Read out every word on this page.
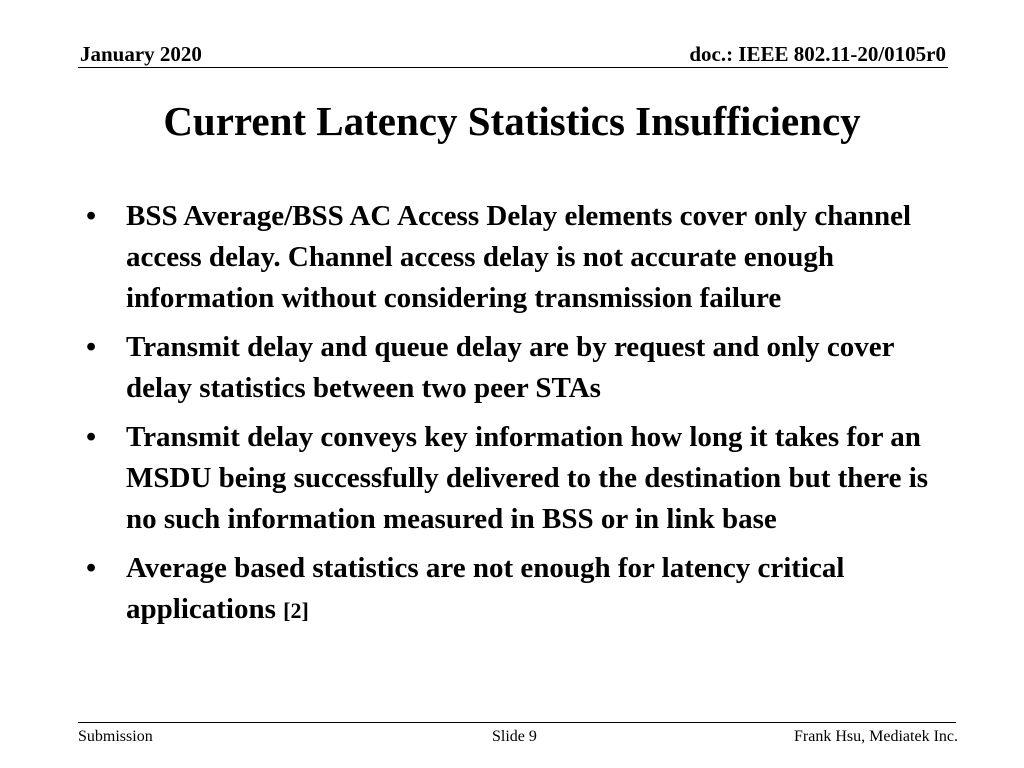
January 2020	doc.: IEEE 802.11-20/0105r0
Current Latency Statistics Insufficiency
• BSS Average/BSS AC Access Delay elements cover only channel access delay. Channel access delay is not accurate enough information without considering transmission failure
• Transmit delay and queue delay are by request and only cover delay statistics between two peer STAs
• Transmit delay conveys key information how long it takes for an MSDU being successfully delivered to the destination but there is no such information measured in BSS or in link base
• Average based statistics are not enough for latency critical applications [2]
Submission	Slide 9	Frank Hsu, Mediatek Inc.
